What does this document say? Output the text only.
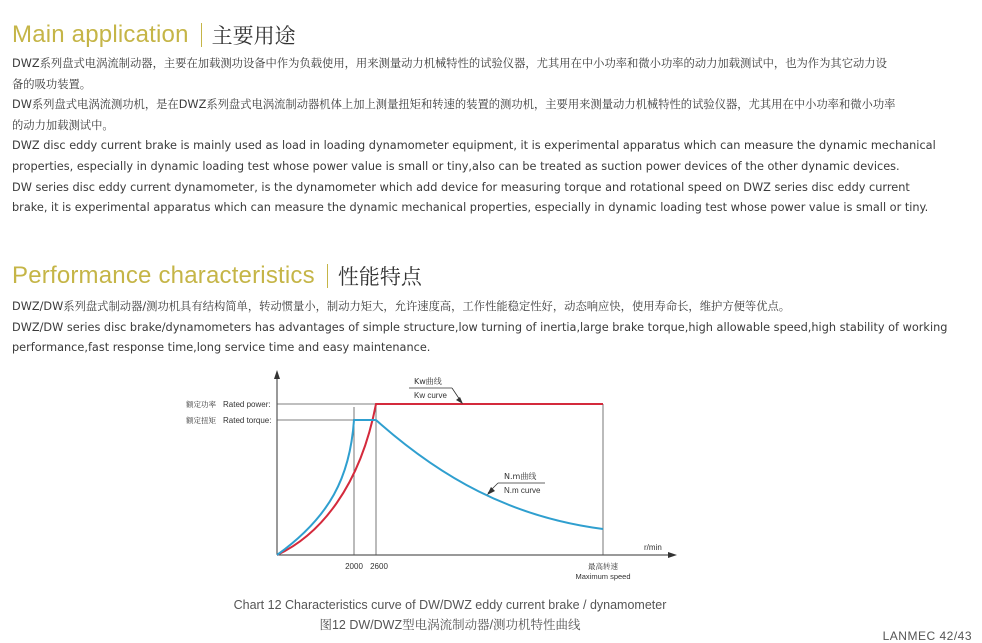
Main application 主要用途
DWZ系列盘式电涡流制动器，主要在加载测功设备中作为负载使用，用来测量动力机械特性的试验仪器，尤其用在中小功率和微小功率的动力加载测试中，也为作为其它动力设
备的吸功装置。
DW系列盘式电涡流测功机，是在DWZ系列盘式电涡流制动器机体上加上测量扭矩和转速的装置的测功机，主要用来测量动力机械特性的试验仪器，尤其用在中小功率和微小功率
的动力加载测试中。
DWZ disc eddy current brake is mainly used as load in loading dynamometer equipment, it is experimental apparatus which can measure the dynamic mechanical
properties, especially in dynamic loading test whose power value is small or tiny,also can be treated as suction power devices of the other dynamic devices.
DW series disc eddy current dynamometer, is the dynamometer which add device for measuring torque and rotational speed on DWZ series disc eddy current
brake, it is experimental apparatus which can measure the dynamic mechanical properties, especially in dynamic loading test whose power value is small or tiny.
Performance characteristics 性能特点
DWZ/DW系列盘式制动器/测功机具有结构简单，转动惯量小，制动力矩大，允许速度高，工作性能稳定性好，动态响应快，使用寿命长，维护方便等优点。
DWZ/DW series disc brake/dynamometers has advantages of simple structure,low turning of inertia,large brake torque,high allowable speed,high stability of working
performance,fast response time,long service time and easy maintenance.
额定功率 Rated power:
额定扭矩 Rated torque:
2000 2600	最高转速
Maximum speed
r/min
Kw曲线
Kw curve
N.m曲线
N.m curve
Chart 12 Characteristics curve of DW/DWZ eddy current brake / dynamometer
图12 DW/DWZ型电涡流制动器/测功机特性曲线
LANMEC 42/43
